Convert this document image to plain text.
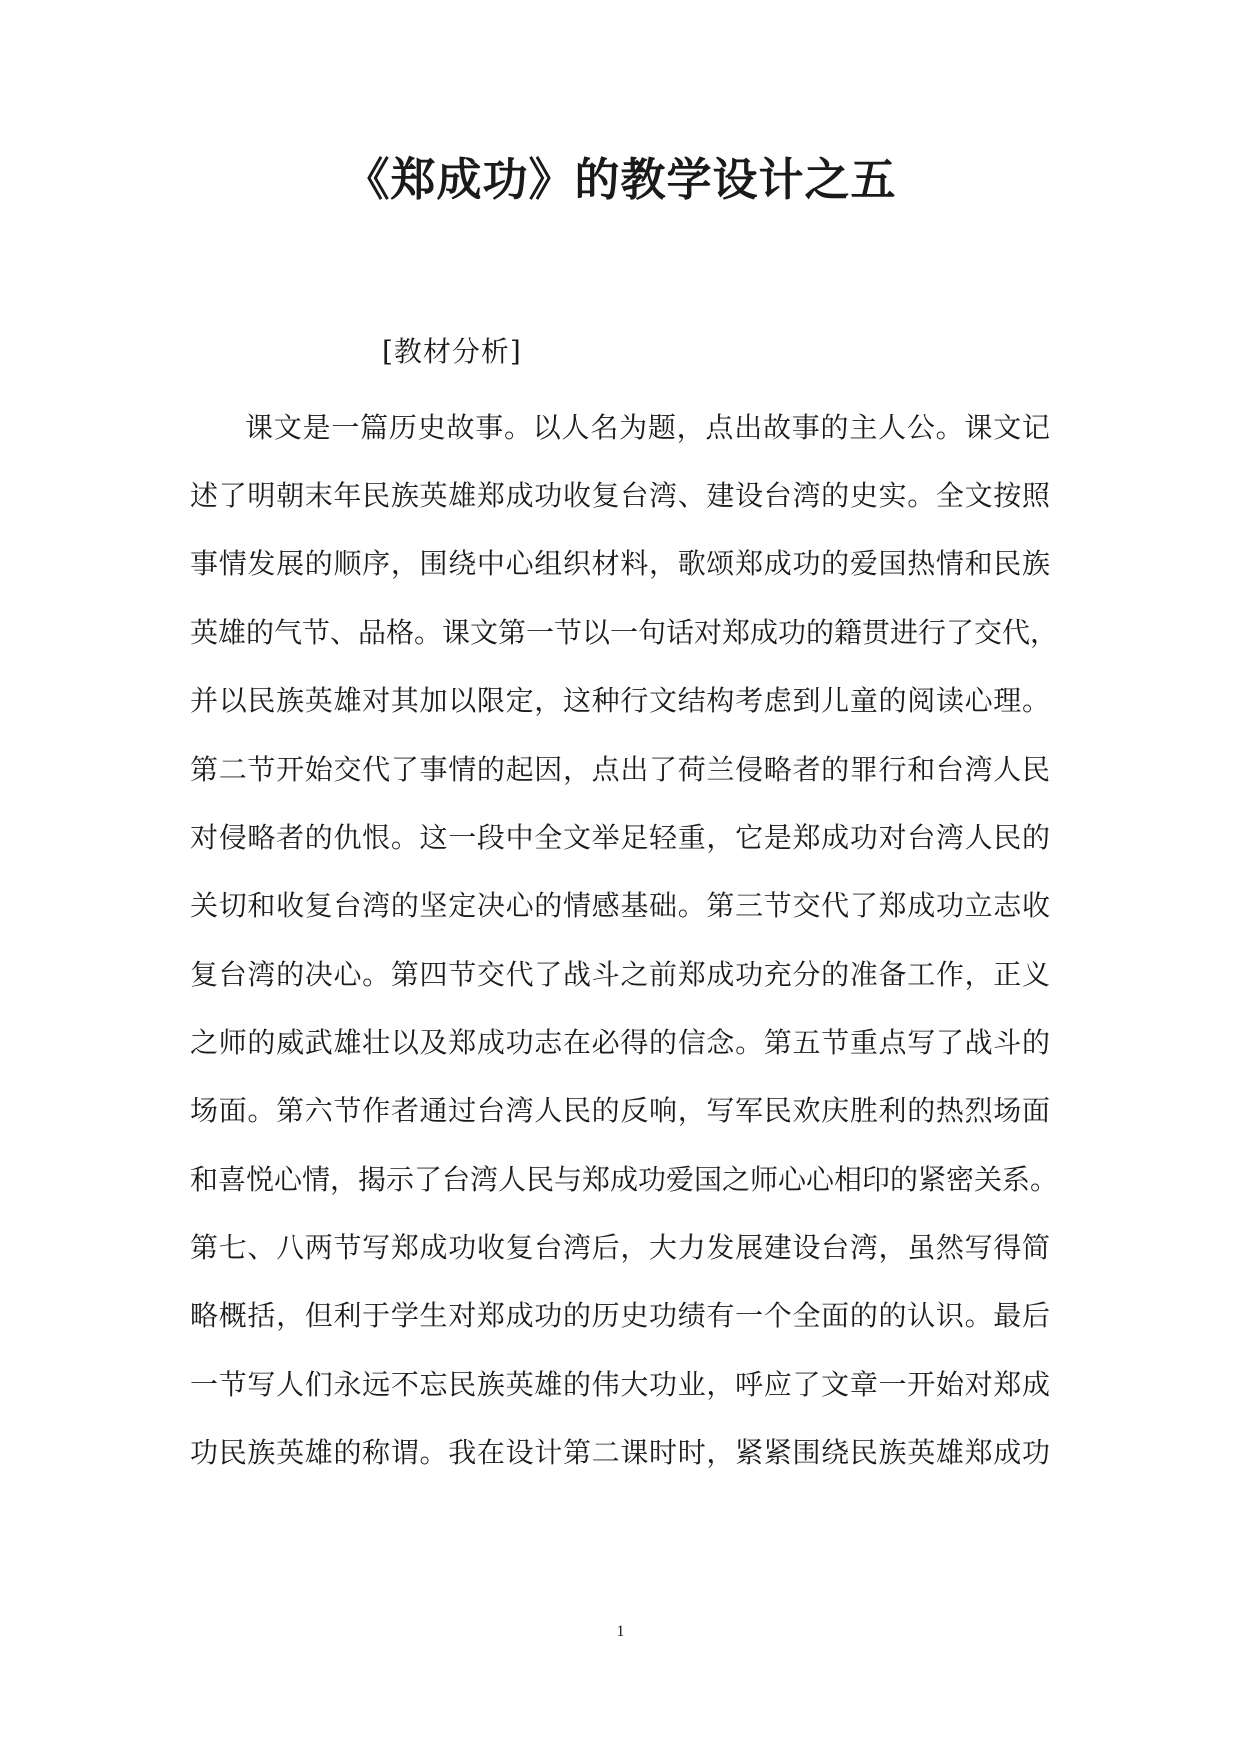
《郑成功》的教学设计之五
[教材分析]
课文是一篇历史故事。以人名为题，点出故事的主人公。课文记
述了明朝末年民族英雄郑成功收复台湾、建设台湾的史实。全文按照
事情发展的顺序，围绕中心组织材料，歌颂郑成功的爱国热情和民族
英雄的气节、品格。课文第一节以一句话对郑成功的籍贯进行了交代，
并以民族英雄对其加以限定，这种行文结构考虑到儿童的阅读心理。
第二节开始交代了事情的起因，点出了荷兰侵略者的罪行和台湾人民
对侵略者的仇恨。这一段中全文举足轻重，它是郑成功对台湾人民的
关切和收复台湾的坚定决心的情感基础。第三节交代了郑成功立志收
复台湾的决心。第四节交代了战斗之前郑成功充分的准备工作，正义
之师的威武雄壮以及郑成功志在必得的信念。第五节重点写了战斗的
场面。第六节作者通过台湾人民的反响，写军民欢庆胜利的热烈场面
和喜悦心情，揭示了台湾人民与郑成功爱国之师心心相印的紧密关系。
第七、八两节写郑成功收复台湾后，大力发展建设台湾，虽然写得简
略概括，但利于学生对郑成功的历史功绩有一个全面的的认识。最后
一节写人们永远不忘民族英雄的伟大功业，呼应了文章一开始对郑成
功民族英雄的称谓。我在设计第二课时时，紧紧围绕民族英雄郑成功
1
